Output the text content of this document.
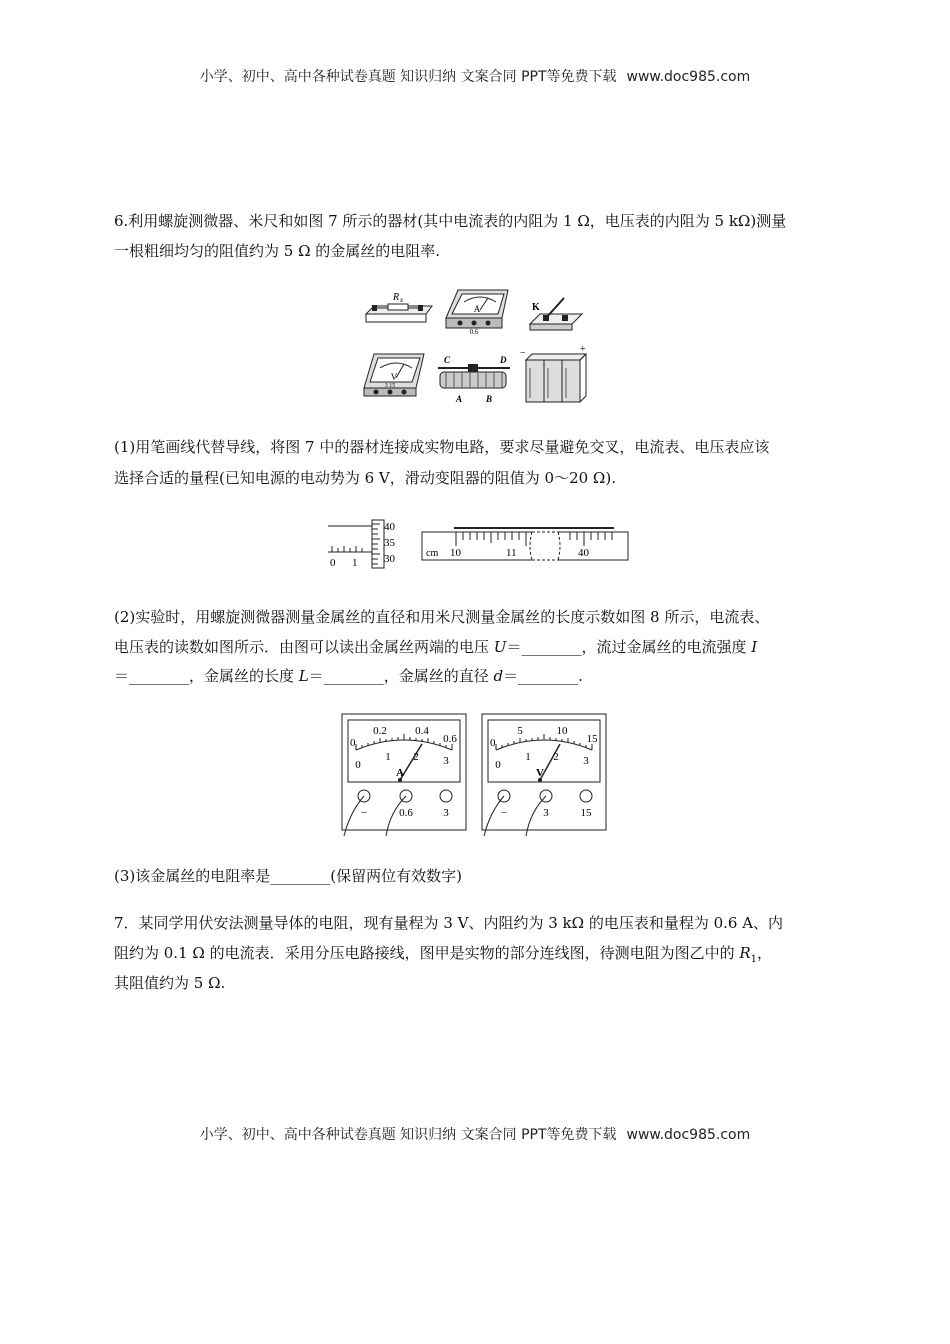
小学、初中、高中各种试卷真题 知识归纳 文案合同 PPT等免费下载 www.doc985.com

6.利用螺旋测微器、米尺和如图 7 所示的器材(其中电流表的内阻为 1 Ω，电压表的内阻为 5 kΩ)测量

一根粗细均匀的阻值约为 5 Ω 的金属丝的电阻率.

R x
A
0.6
K
V
3 15
C	D
A	B
−	+

(1)用笔画线代替导线，将图 7 中的器材连接成实物电路，要求尽量避免交叉，电流表、电压表应该

选择合适的量程(已知电源的电动势为 6 V，滑动变阻器的阻值为 0～20 Ω).

40
35
30
0 1
cm 10	11	40

(2)实验时，用螺旋测微器测量金属丝的直径和用米尺测量金属丝的长度示数如图 8 所示，电流表、

电压表的读数如图所示．由图可以读出金属丝两端的电压 U＝________，流过金属丝的电流强度 I

＝________，金属丝的长度 L＝________，金属丝的直径 d＝________.

0
0.2	0.4
0.6
0
1 2 3
A
−	0.6	3
0
5	10
15
0
1 2 3
V
−	3	15

(3)该金属丝的电阻率是________(保留两位有效数字)

7．某同学用伏安法测量导体的电阻，现有量程为 3 V、内阻约为 3 kΩ 的电压表和量程为 0.6 A、内

阻约为 0.1 Ω 的电流表．采用分压电路接线，图甲是实物的部分连线图，待测电阻为图乙中的 $R_1$，

其阻值约为 5 Ω.

小学、初中、高中各种试卷真题 知识归纳 文案合同 PPT等免费下载 www.doc985.com
